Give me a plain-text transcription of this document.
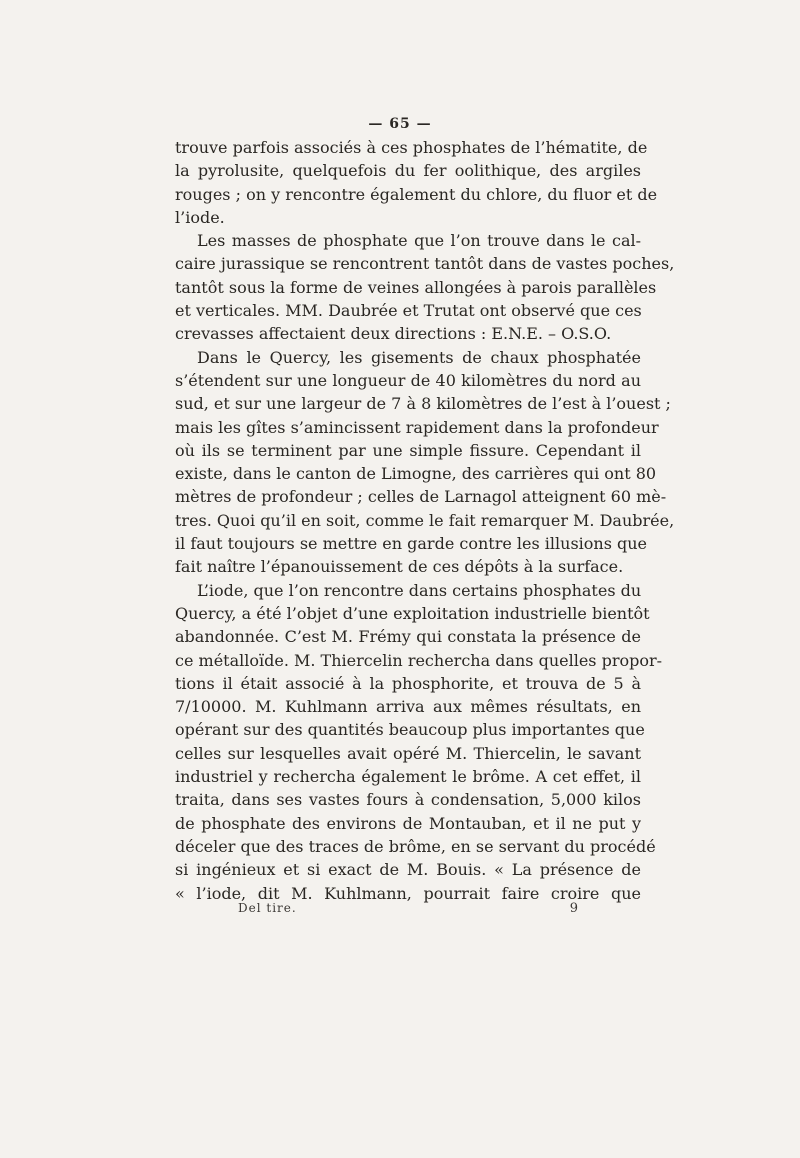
— 65 —
trouve parfois associés à ces phosphates de l’hématite, de
la pyrolusite, quelquefois du fer oolithique, des argiles
rouges ; on y rencontre également du chlore, du fluor et de
l’iode.
Les masses de phosphate que l’on trouve dans le cal-
caire jurassique se rencontrent tantôt dans de vastes poches,
tantôt sous la forme de veines allongées à parois parallèles
et verticales. MM. Daubrée et Trutat ont observé que ces
crevasses affectaient deux directions : E.N.E. – O.S.O.
Dans le Quercy, les gisements de chaux phosphatée
s’étendent sur une longueur de 40 kilomètres du nord au
sud, et sur une largeur de 7 à 8 kilomètres de l’est à l’ouest ;
mais les gîtes s’amincissent rapidement dans la profondeur
où ils se terminent par une simple fissure. Cependant il
existe, dans le canton de Limogne, des carrières qui ont 80
mètres de profondeur ; celles de Larnagol atteignent 60 mè-
tres. Quoi qu’il en soit, comme le fait remarquer M. Daubrée,
il faut toujours se mettre en garde contre les illusions que
fait naître l’épanouissement de ces dépôts à la surface.
L’iode, que l’on rencontre dans certains phosphates du
Quercy, a été l’objet d’une exploitation industrielle bientôt
abandonnée. C’est M. Frémy qui constata la présence de
ce métalloïde. M. Thiercelin rechercha dans quelles propor-
tions il était associé à la phosphorite, et trouva de 5 à
7/10000. M. Kuhlmann arriva aux mêmes résultats, en
opérant sur des quantités beaucoup plus importantes que
celles sur lesquelles avait opéré M. Thiercelin, le savant
industriel y rechercha également le brôme. A cet effet, il
traita, dans ses vastes fours à condensation, 5,000 kilos
de phosphate des environs de Montauban, et il ne put y
déceler que des traces de brôme, en se servant du procédé
si ingénieux et si exact de M. Bouis. « La présence de
« l’iode, dit M. Kuhlmann, pourrait faire croire que
Del tire.	9
